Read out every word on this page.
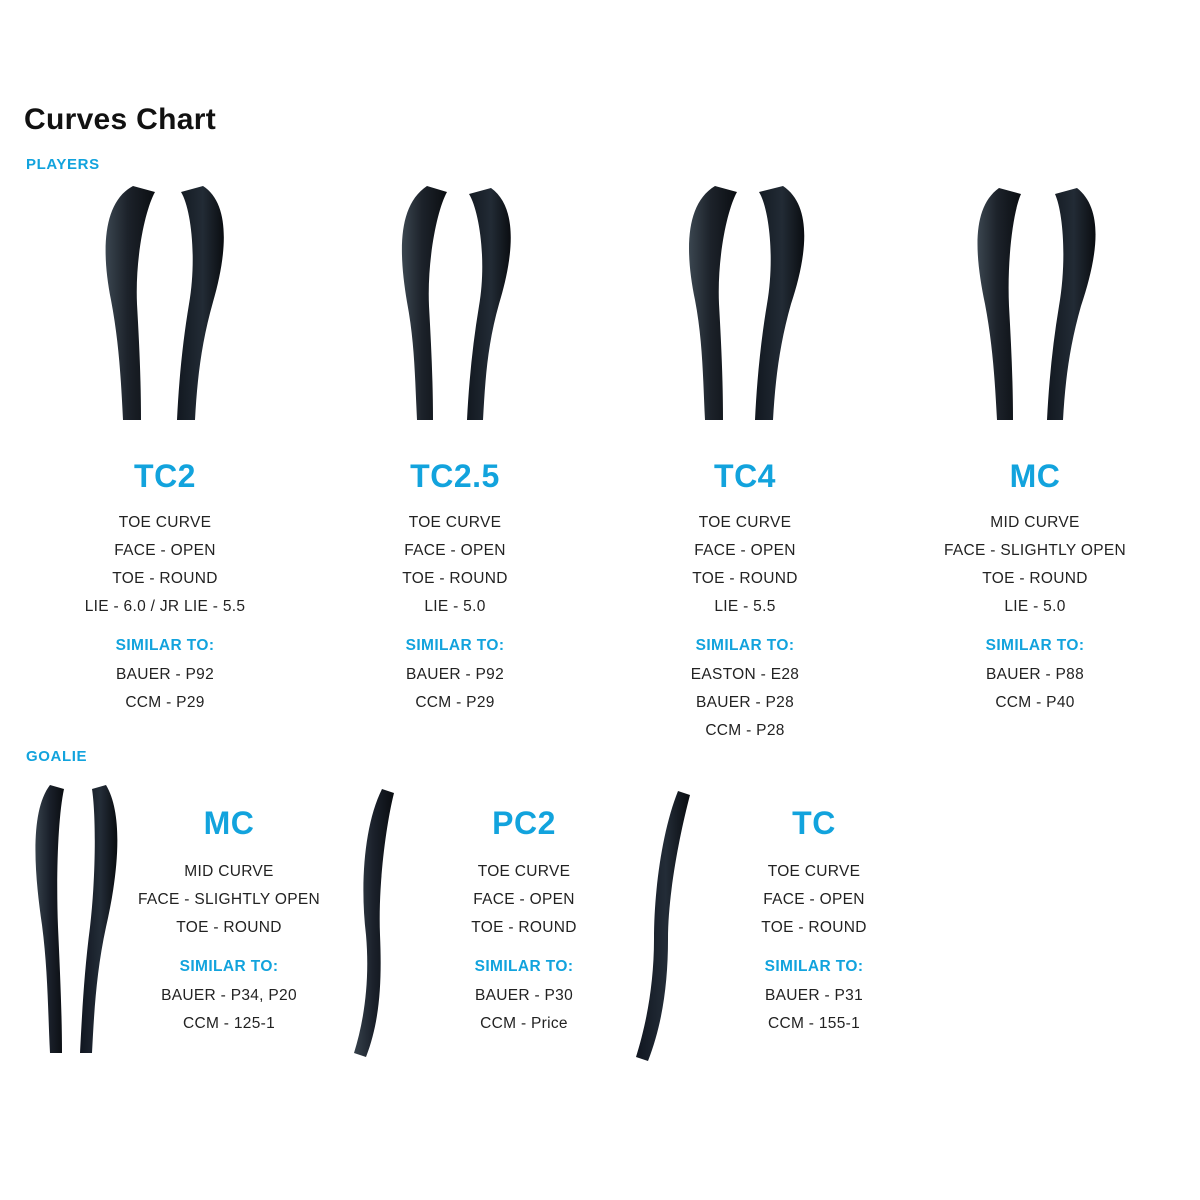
Curves Chart
PLAYERS
TC2
TOE CURVE
FACE - OPEN
TOE - ROUND
LIE - 6.0 / JR LIE - 5.5
SIMILAR TO:
BAUER - P92
CCM - P29
TC2.5
TOE CURVE
FACE - OPEN
TOE - ROUND
LIE - 5.0
SIMILAR TO:
BAUER - P92
CCM - P29
TC4
TOE CURVE
FACE - OPEN
TOE - ROUND
LIE - 5.5
SIMILAR TO:
EASTON - E28
BAUER - P28
CCM - P28
MC
MID CURVE
FACE - SLIGHTLY OPEN
TOE - ROUND
LIE - 5.0
SIMILAR TO:
BAUER - P88
CCM - P40
GOALIE
MC
MID CURVE
FACE - SLIGHTLY OPEN
TOE - ROUND
SIMILAR TO:
BAUER - P34, P20
CCM - 125-1
PC2
TOE CURVE
FACE - OPEN
TOE - ROUND
SIMILAR TO:
BAUER - P30
CCM - Price
TC
TOE CURVE
FACE - OPEN
TOE - ROUND
SIMILAR TO:
BAUER - P31
CCM - 155-1
